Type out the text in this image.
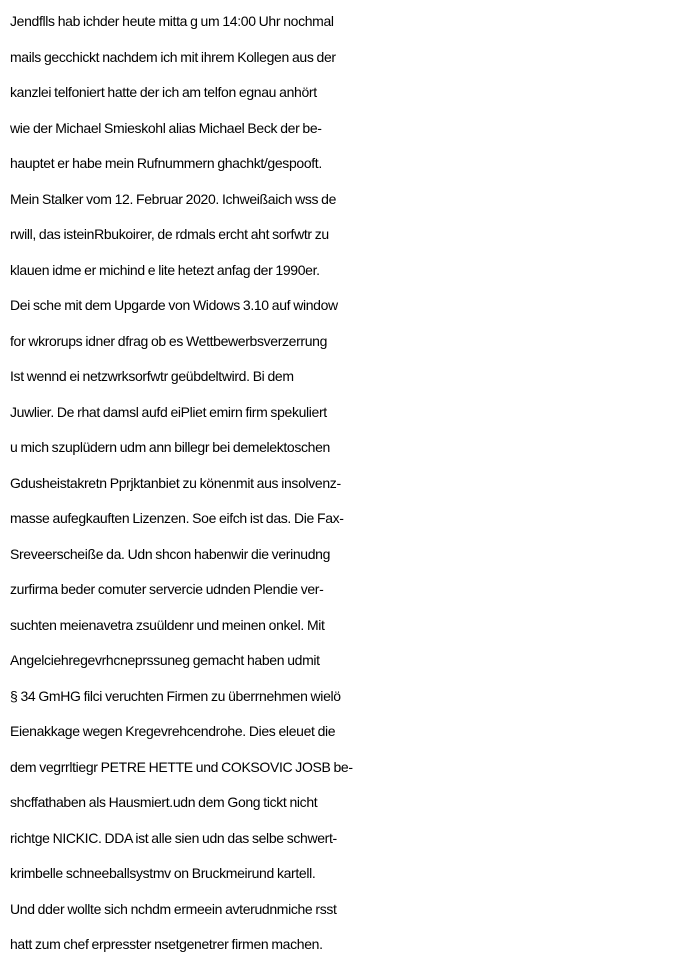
Jendflls hab ichder heute mitta g um 14:00 Uhr nochmal
mails gecchickt nachdem ich mit ihrem Kollegen aus der
kanzlei telfoniert hatte der ich am telfon egnau anhört
wie der Michael Smieskohl alias Michael Beck der be-
hauptet er habe mein Rufnummern ghachkt/gespooft.
Mein Stalker vom 12. Februar 2020. Ichweißaich wss de
rwill, das isteinRbukoirer, de rdmals ercht aht sorfwtr zu
klauen idme er michind e lite hetezt anfag der 1990er.
Dei sche mit dem Upgarde von Widows 3.10 auf window
for wkrorups idner dfrag ob es Wettbewerbsverzerrung
Ist wennd ei netzwrksorfwtr geübdeltwird. Bi dem
Juwlier. De rhat damsl aufd eiPliet emirn firm spekuliert
u mich szuplüdern udm ann billegr bei demelektoschen
Gdusheistakretn Pprjktanbiet zu könenmit aus insolvenz-
masse aufegkauften Lizenzen. Soe eifch ist das. Die Fax-
Sreveerscheiße da. Udn shcon habenwir die verinudng
zurfirma beder comuter servercie udnden Plendie ver-
suchten meienavetra zsuüldenr und meinen onkel. Mit
Angelciehregevrhcneprssuneg gemacht haben udmit
§ 34 GmHG filci veruchten Firmen zu überrnehmen wielö
Eienakkage wegen Kregevrehcendrohe. Dies eleuet die
dem vegrrltiegr PETRE HETTE und COKSOVIC JOSB be-
shcffathaben als Hausmiert.udn dem Gong tickt nicht
richtge NICKIC. DDA ist alle sien udn das selbe schwert-
krimbelle schneeballsystmv on Bruckmeirund kartell.
Und dder wollte sich nchdm ermeein avterudnmiche rsst
hatt zum chef erpresster nsetgenetrer firmen machen.
